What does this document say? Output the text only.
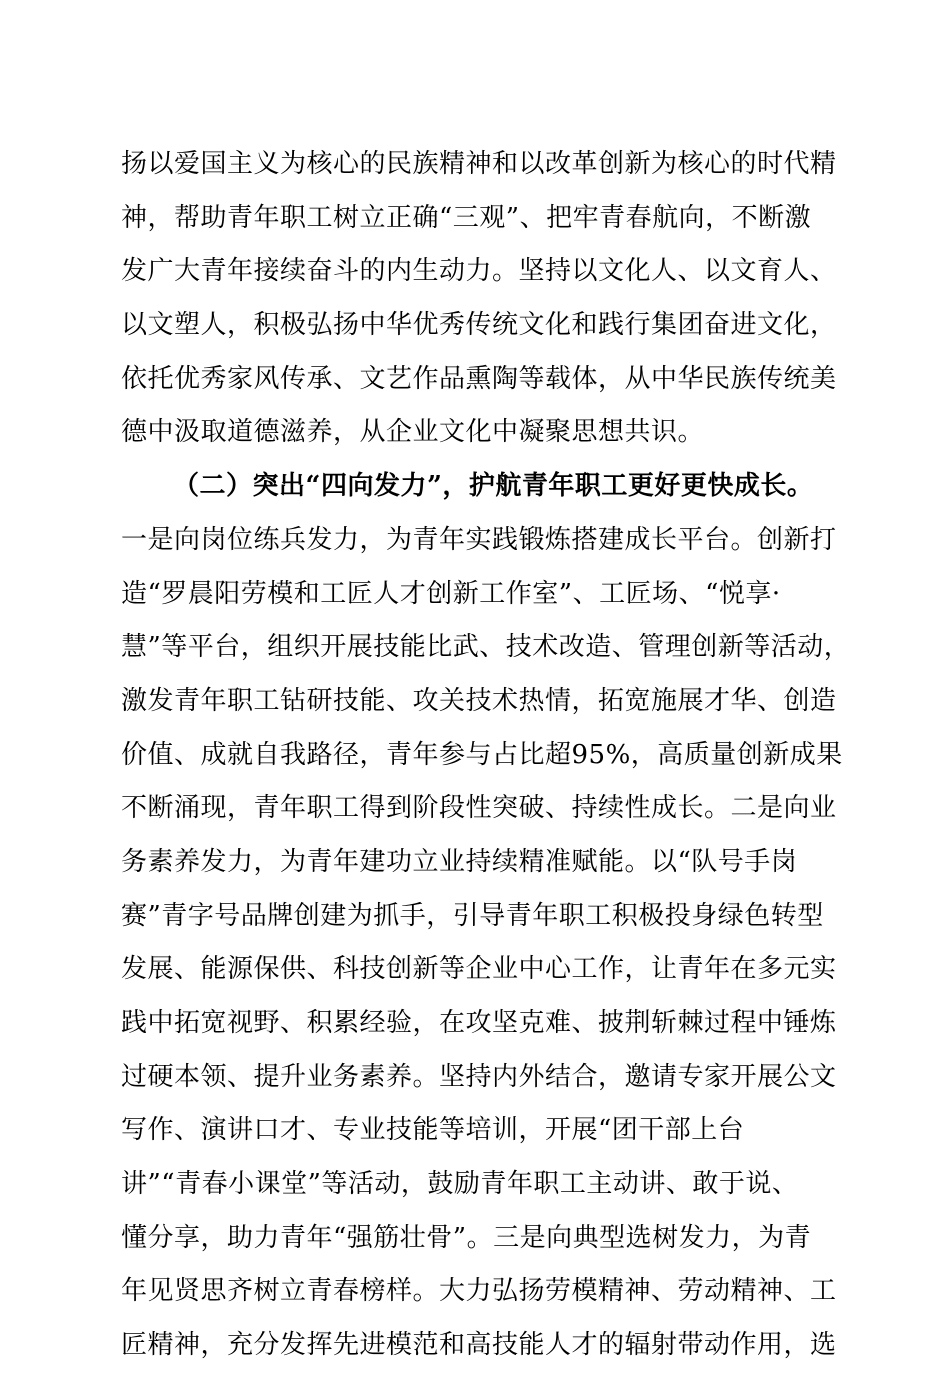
扬以爱国主义为核心的民族精神和以改革创新为核心的时代精
神，帮助青年职工树立正确“三观”、把牢青春航向，不断激
发广大青年接续奋斗的内生动力。坚持以文化人、以文育人、
以文塑人，积极弘扬中华优秀传统文化和践行集团奋进文化，
依托优秀家风传承、文艺作品熏陶等载体，从中华民族传统美
德中汲取道德滋养，从企业文化中凝聚思想共识。
（二）突出“四向发力”，护航青年职工更好更快成长。
一是向岗位练兵发力，为青年实践锻炼搭建成长平台。创新打
造“罗晨阳劳模和工匠人才创新工作室”、工匠场、“悦享·
慧”等平台，组织开展技能比武、技术改造、管理创新等活动，
激发青年职工钻研技能、攻关技术热情，拓宽施展才华、创造
价值、成就自我路径，青年参与占比超95%，高质量创新成果
不断涌现，青年职工得到阶段性突破、持续性成长。二是向业
务素养发力，为青年建功立业持续精准赋能。以“队号手岗
赛”青字号品牌创建为抓手，引导青年职工积极投身绿色转型
发展、能源保供、科技创新等企业中心工作，让青年在多元实
践中拓宽视野、积累经验，在攻坚克难、披荆斩棘过程中锤炼
过硬本领、提升业务素养。坚持内外结合，邀请专家开展公文
写作、演讲口才、专业技能等培训，开展“团干部上台
讲”“青春小课堂”等活动，鼓励青年职工主动讲、敢于说、
懂分享，助力青年“强筋壮骨”。三是向典型选树发力，为青
年见贤思齐树立青春榜样。大力弘扬劳模精神、劳动精神、工
匠精神，充分发挥先进模范和高技能人才的辐射带动作用，选
